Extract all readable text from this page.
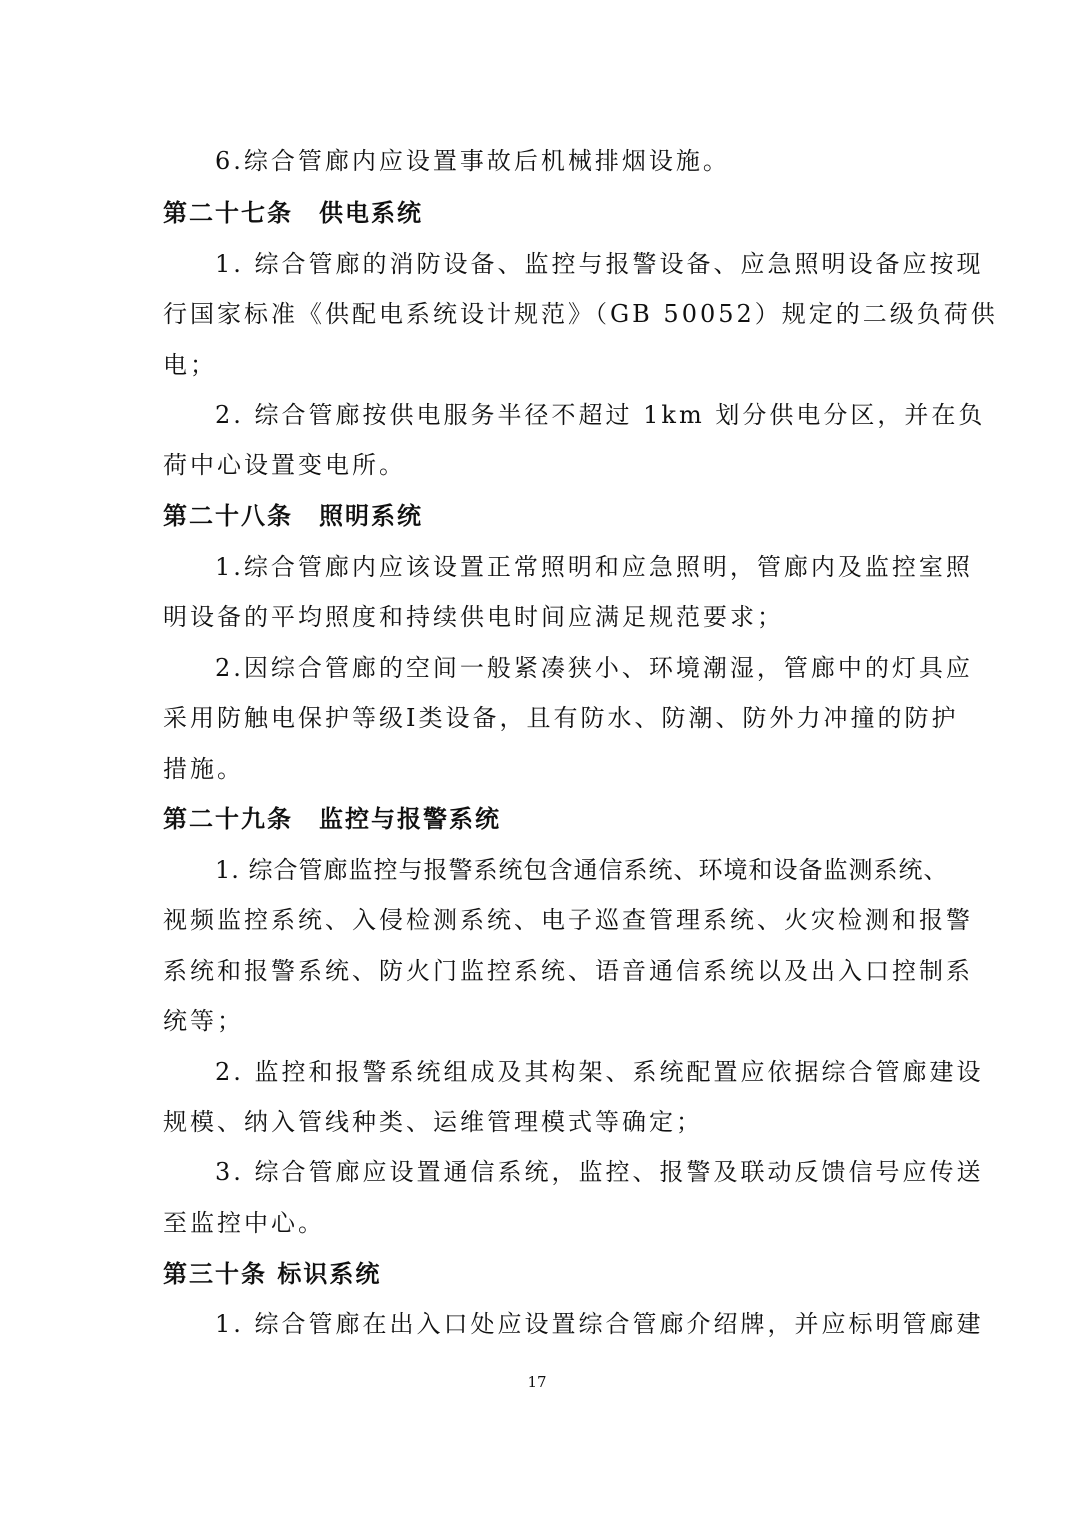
6.综合管廊内应设置事故后机械排烟设施。
第二十七条　供电系统
1. 综合管廊的消防设备、监控与报警设备、应急照明设备应按现
行国家标准《供配电系统设计规范》（GB 50052）规定的二级负荷供
电；
2. 综合管廊按供电服务半径不超过 1km 划分供电分区，并在负
荷中心设置变电所。
第二十八条　照明系统
1.综合管廊内应该设置正常照明和应急照明，管廊内及监控室照
明设备的平均照度和持续供电时间应满足规范要求；
2.因综合管廊的空间一般紧凑狭小、环境潮湿，管廊中的灯具应
采用防触电保护等级Ⅰ类设备，且有防水、防潮、防外力冲撞的防护
措施。
第二十九条　监控与报警系统
1. 综合管廊监控与报警系统包含通信系统、环境和设备监测系统、
视频监控系统、入侵检测系统、电子巡查管理系统、火灾检测和报警
系统和报警系统、防火门监控系统、语音通信系统以及出入口控制系
统等；
2. 监控和报警系统组成及其构架、系统配置应依据综合管廊建设
规模、纳入管线种类、运维管理模式等确定；
3. 综合管廊应设置通信系统，监控、报警及联动反馈信号应传送
至监控中心。
第三十条 标识系统
1. 综合管廊在出入口处应设置综合管廊介绍牌，并应标明管廊建
17
